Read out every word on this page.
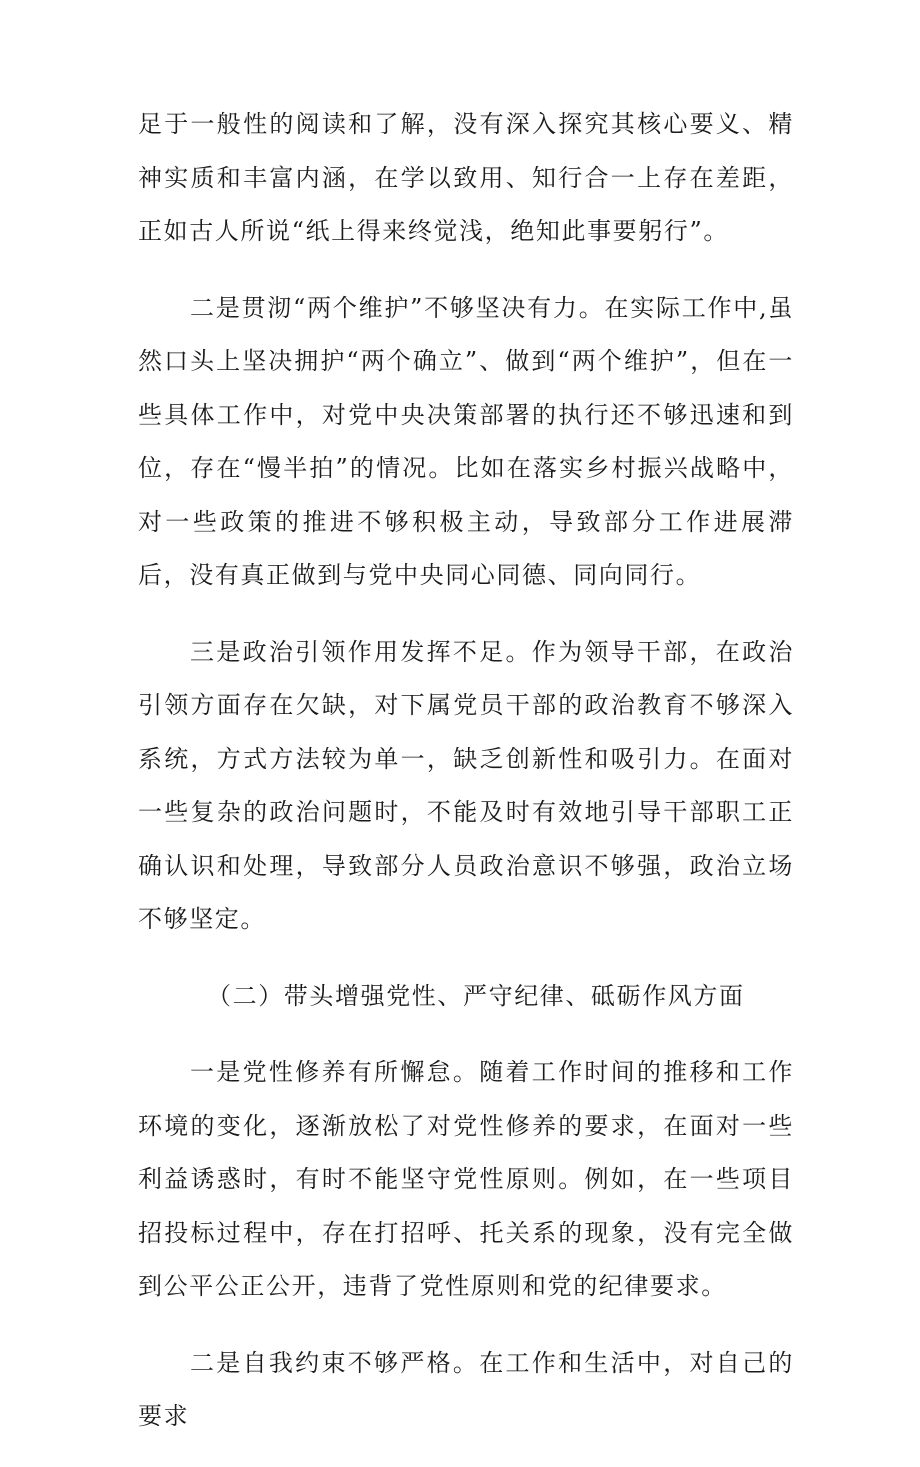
足于一般性的阅读和了解，没有深入探究其核心要义、精神实质和丰富内涵，在学以致用、知行合一上存在差距，正如古人所说“纸上得来终觉浅，绝知此事要躬行”。

二是贯沏“两个维护”不够坚决有力。在实际工作中,虽然口头上坚决拥护“两个确立”、做到“两个维护”，但在一些具体工作中，对党中央决策部署的执行还不够迅速和到位，存在“慢半拍”的情况。比如在落实乡村振兴战略中，对一些政策的推进不够积极主动，导致部分工作进展滞后，没有真正做到与党中央同心同德、同向同行。

三是政治引领作用发挥不足。作为领导干部，在政治引领方面存在欠缺，对下属党员干部的政治教育不够深入系统，方式方法较为单一，缺乏创新性和吸引力。在面对一些复杂的政治问题时，不能及时有效地引导干部职工正确认识和处理，导致部分人员政治意识不够强，政治立场不够坚定。

（二）带头增强党性、严守纪律、砥砺作风方面

一是党性修养有所懈怠。随着工作时间的推移和工作环境的变化，逐渐放松了对党性修养的要求，在面对一些利益诱惑时，有时不能坚守党性原则。例如，在一些项目招投标过程中，存在打招呼、托关系的现象，没有完全做到公平公正公开，违背了党性原则和党的纪律要求。

二是自我约束不够严格。在工作和生活中，对自己的要求
